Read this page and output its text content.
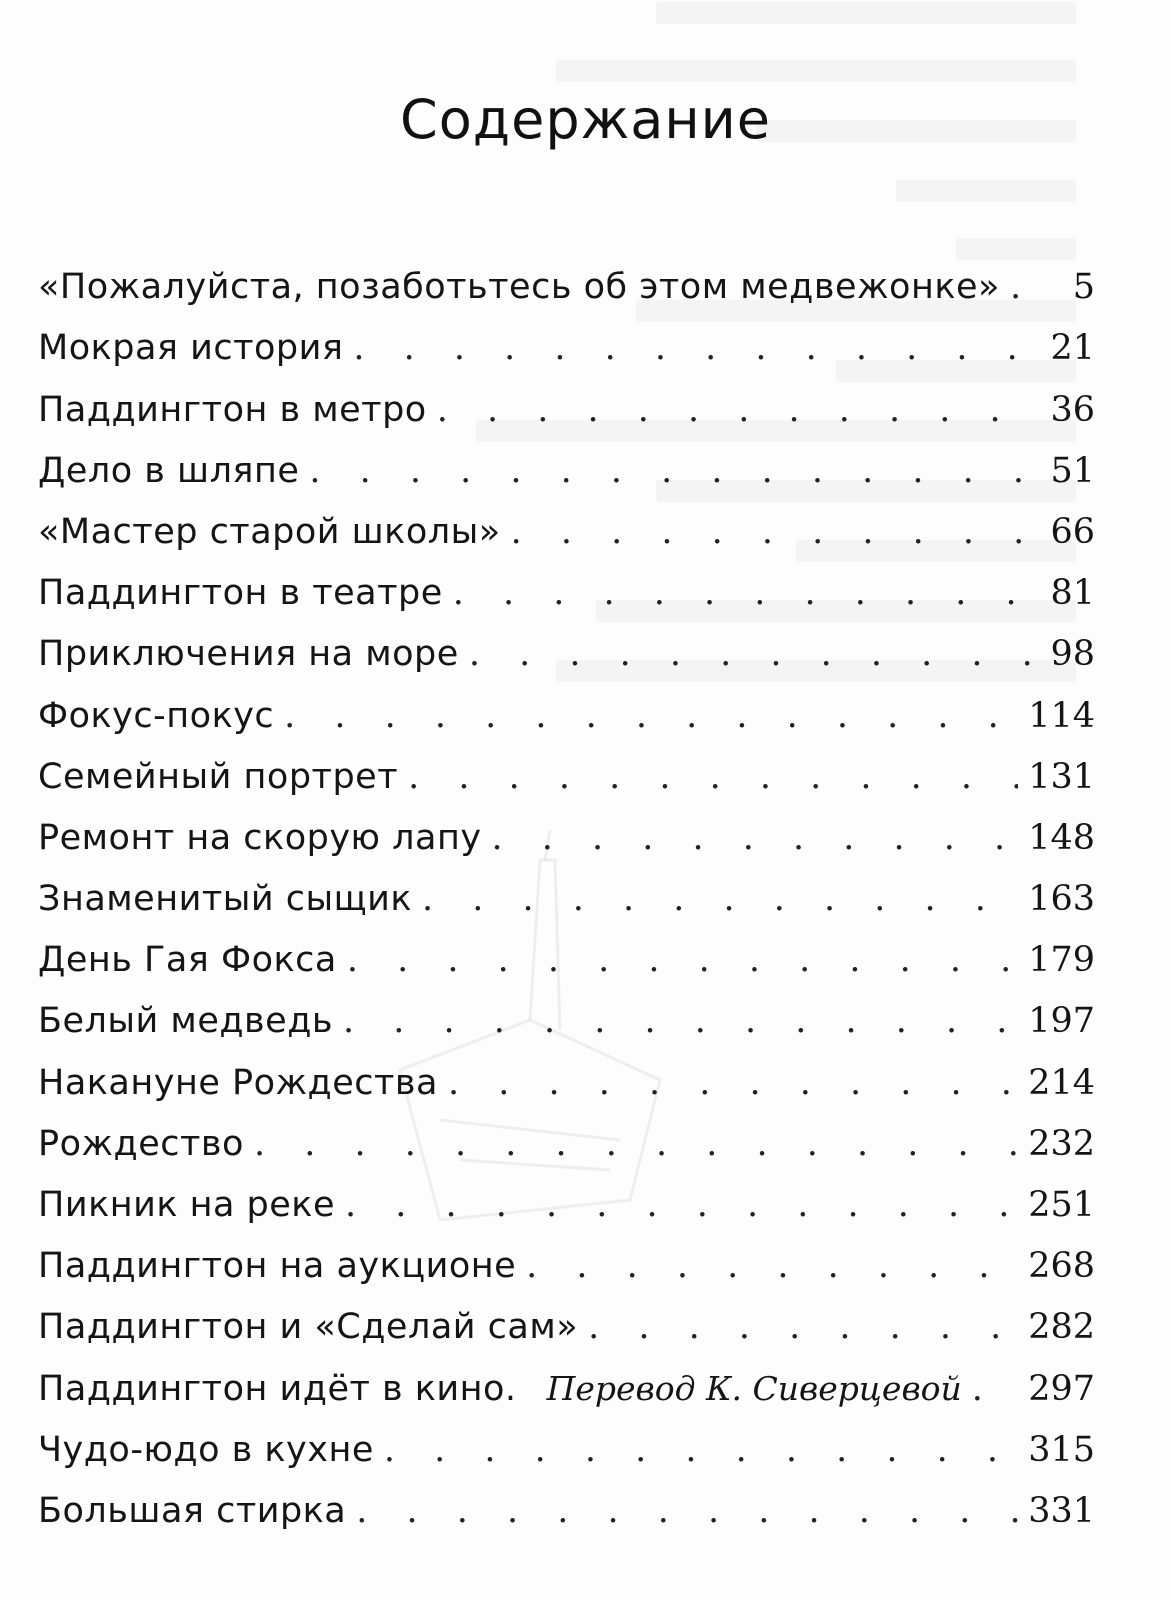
Содержание
«Пожалуйста, позаботьтесь об этом медвежонке» . . . 5
Мокрая история . . .	21
Паддингтон в метро . . .	36
Дело в шляпе . . .	51
«Мастер старой школы» . . .	66
Паддингтон в театре . . .	81
Приключения на море . . .	98
Фокус-покус . . .	114
Семейный портрет . . .	131
Ремонт на скорую лапу . . .	148
Знаменитый сыщик . . .	163
День Гая Фокса . . .	179
Белый медведь . . .	197
Накануне Рождества . . .	214
Рождество . . .	232
Пикник на реке . . .	251
Паддингтон на аукционе . . .	268
Паддингтон и «Сделай сам» . . .	282
Паддингтон идёт в кино. Перевод К. Сиверцевой . . . 297
Чудо-юдо в кухне . . .	315
Большая стирка . . .	331
